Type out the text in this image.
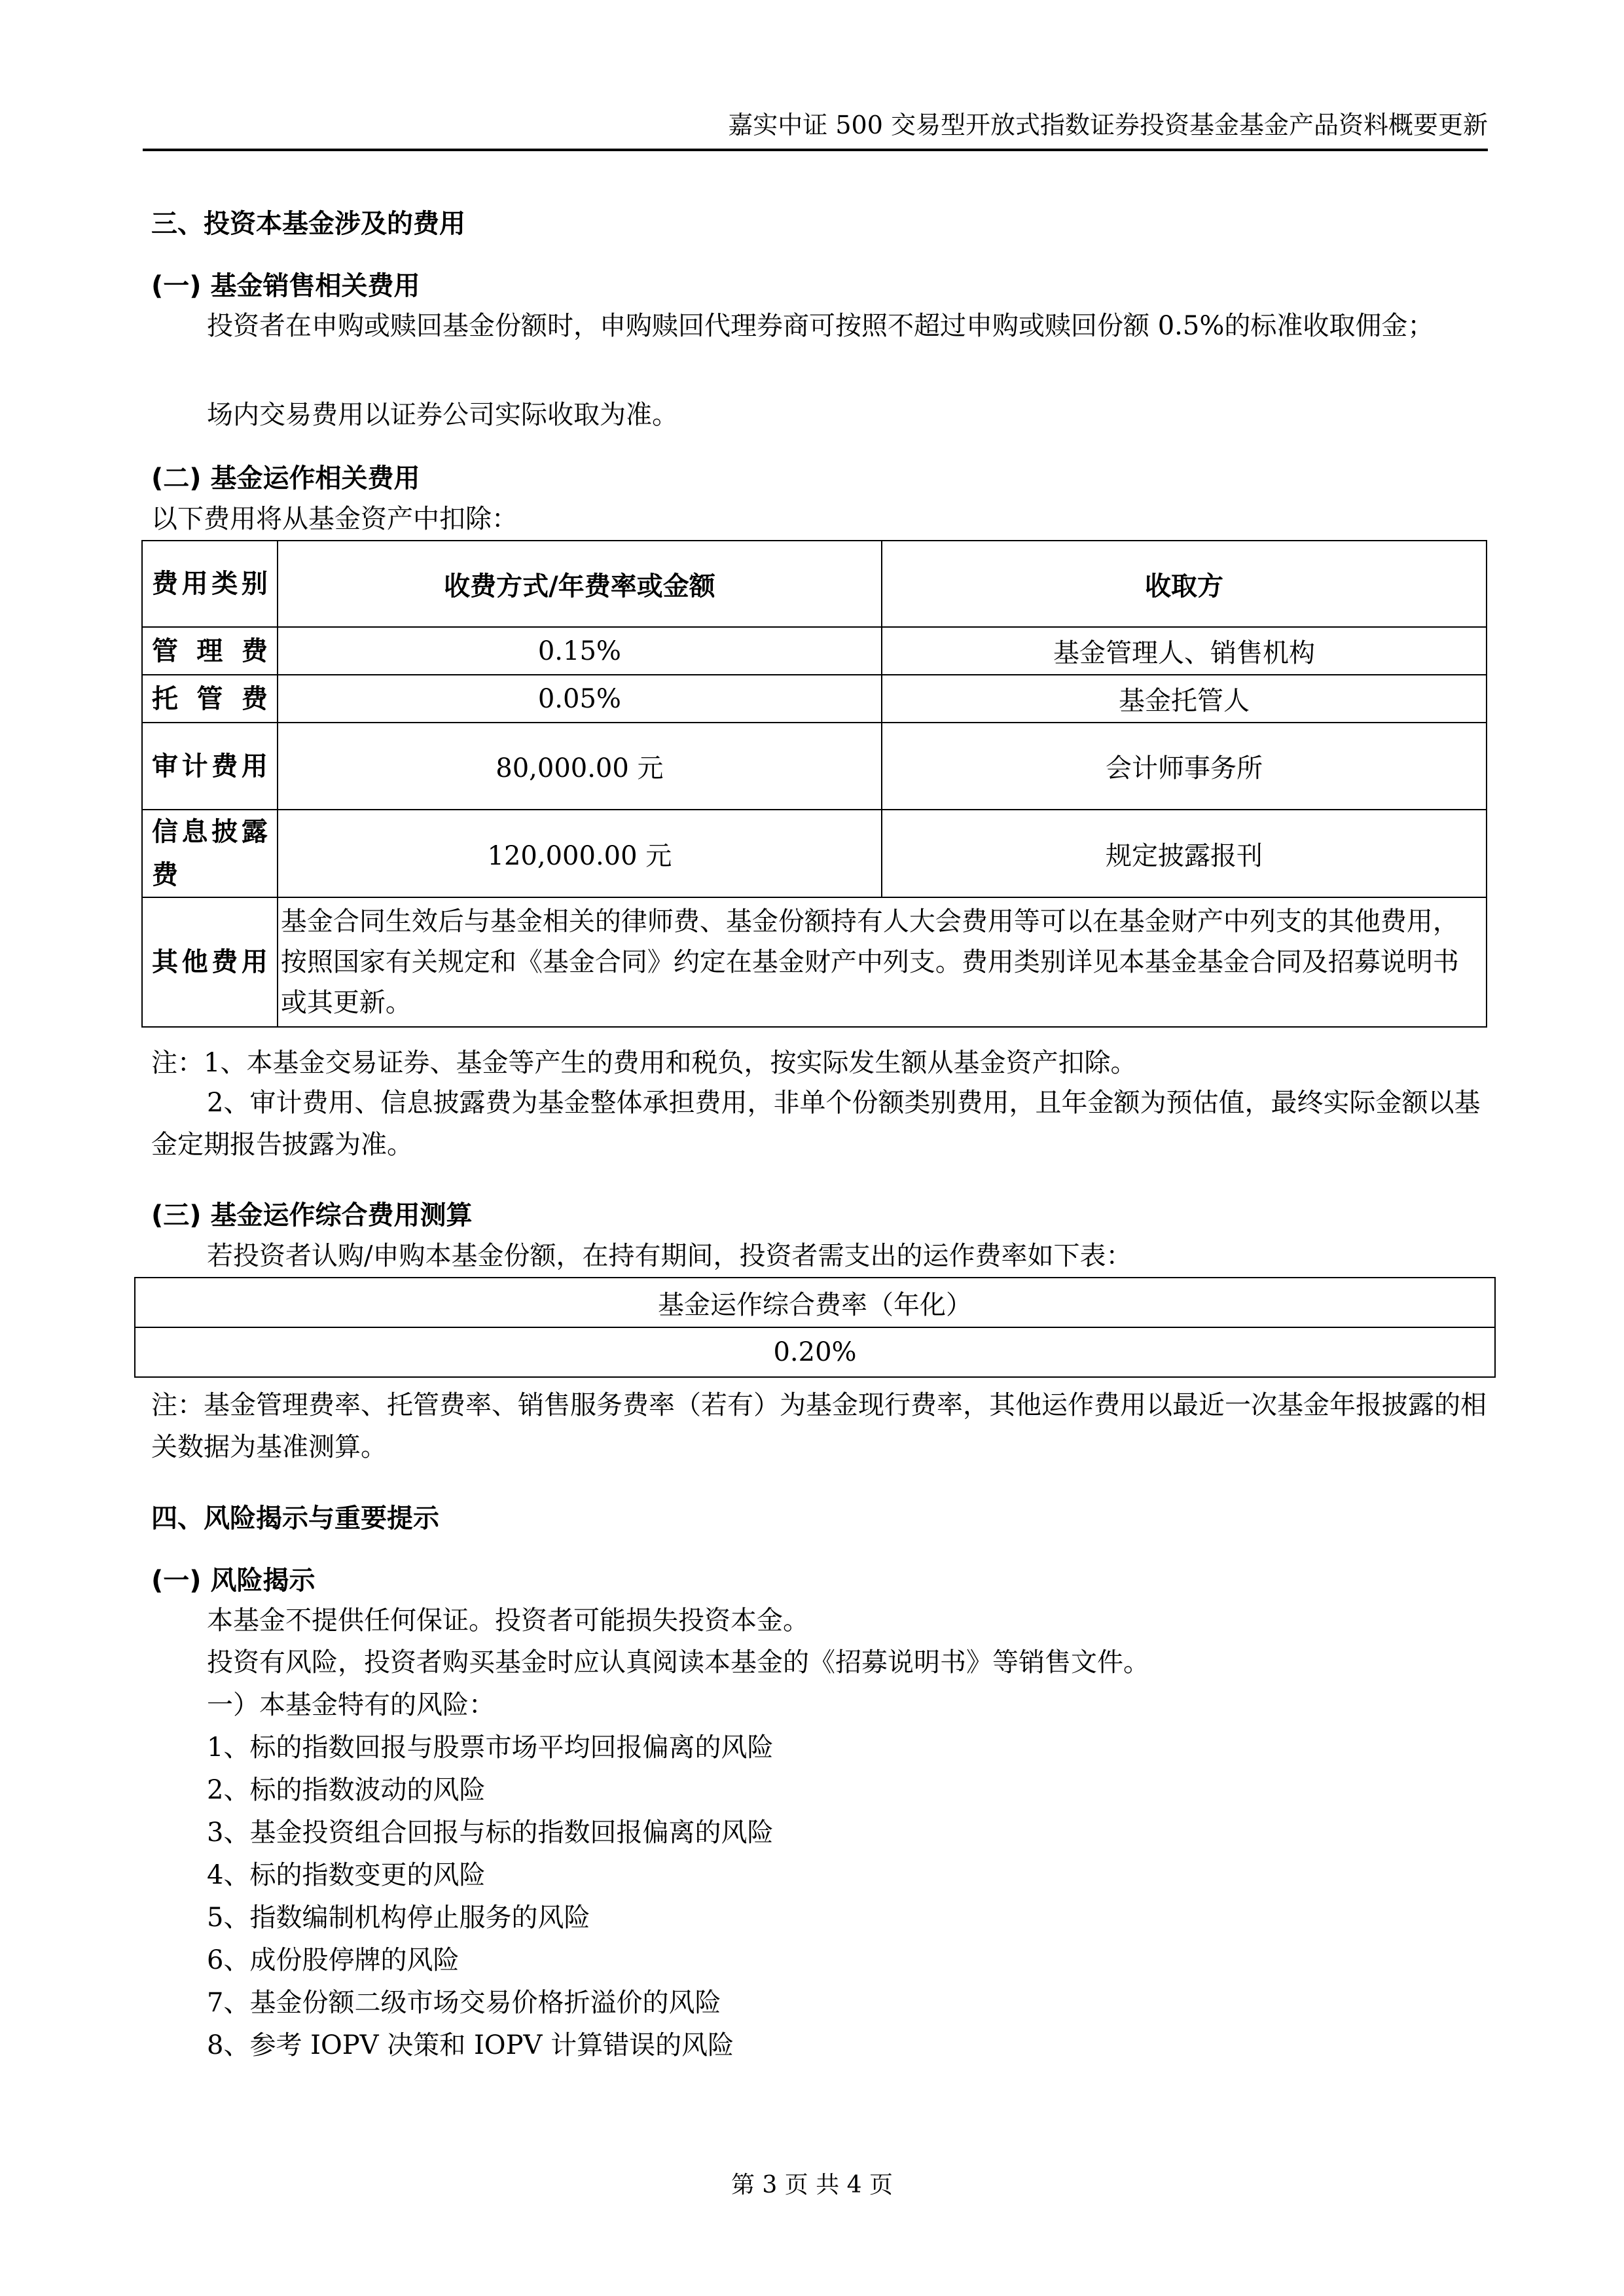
嘉实中证 500 交易型开放式指数证券投资基金基金产品资料概要更新
三、投资本基金涉及的费用
(一) 基金销售相关费用
投资者在申购或赎回基金份额时，申购赎回代理券商可按照不超过申购或赎回份额 0.5%的标准收取佣金；
场内交易费用以证券公司实际收取为准。
(二) 基金运作相关费用
以下费用将从基金资产中扣除：
费用类别	收费方式/年费率或金额	收取方
管理费	0.15%	基金管理人、销售机构
托管费	0.05%	基金托管人
审计费用	80,000.00 元	会计师事务所
信息披露费	120,000.00 元	规定披露报刊
其他费用	基金合同生效后与基金相关的律师费、基金份额持有人大会费用等可以在基金财产中列支的其他费用，按照国家有关规定和《基金合同》约定在基金财产中列支。费用类别详见本基金基金合同及招募说明书或其更新。	
注：1、本基金交易证券、基金等产生的费用和税负，按实际发生额从基金资产扣除。
2、审计费用、信息披露费为基金整体承担费用，非单个份额类别费用，且年金额为预估值，最终实际金额以基金定期报告披露为准。
(三) 基金运作综合费用测算
若投资者认购/申购本基金份额，在持有期间，投资者需支出的运作费率如下表：
基金运作综合费率（年化）
0.20%
注：基金管理费率、托管费率、销售服务费率（若有）为基金现行费率，其他运作费用以最近一次基金年报披露的相关数据为基准测算。
四、风险揭示与重要提示
(一) 风险揭示
本基金不提供任何保证。投资者可能损失投资本金。
投资有风险，投资者购买基金时应认真阅读本基金的《招募说明书》等销售文件。
一）本基金特有的风险：
1、标的指数回报与股票市场平均回报偏离的风险
2、标的指数波动的风险
3、基金投资组合回报与标的指数回报偏离的风险
4、标的指数变更的风险
5、指数编制机构停止服务的风险
6、成份股停牌的风险
7、基金份额二级市场交易价格折溢价的风险
8、参考 IOPV 决策和 IOPV 计算错误的风险
第 3 页 共 4 页
